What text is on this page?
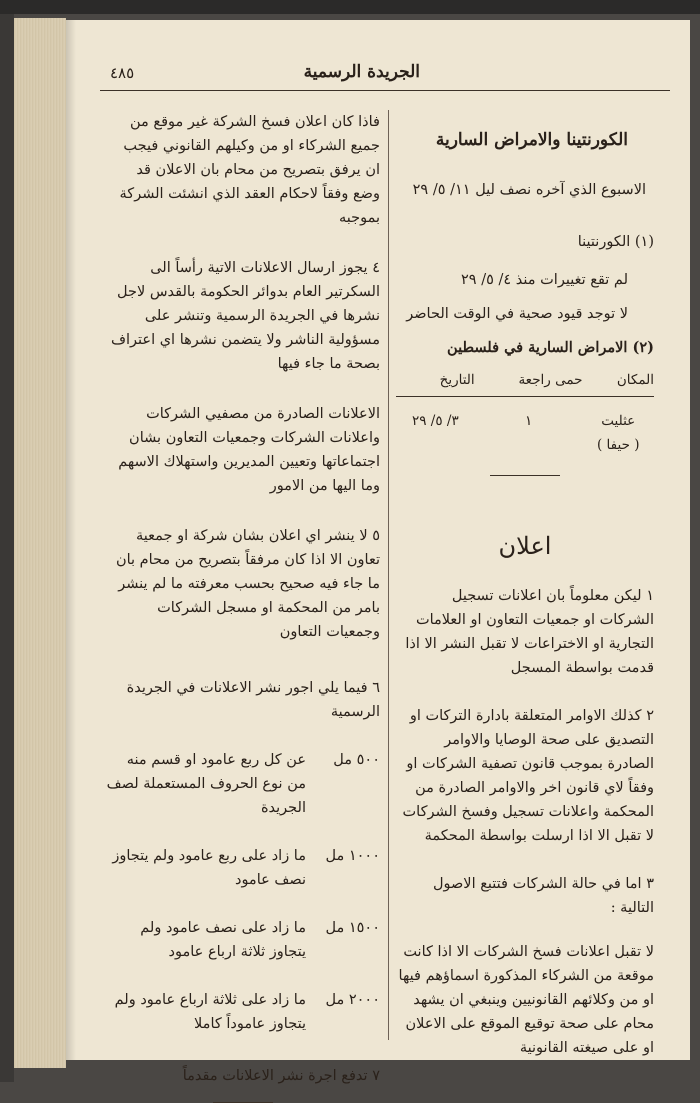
٤٨٥	الجريدة الرسمية

الكورنتينا والامراض السارية

الاسبوع الذي آخره نصف ليل ١١/ ٥/ ٢٩

(١) الكورنتينا

لم تقع تغييرات منذ ٤/ ٥/ ٢٩

لا توجد قيود صحية في الوقت الحاضر

(٢) الامراض السارية في فلسطين

المكان	حمى راجعة	التاريخ
عثليت
( حيفا )	١	٣/ ٥/ ٢٩

اعلان

١ ليكن معلوماً بان اعلانات تسجيل الشركات او جمعيات التعاون او العلامات التجارية او الاختراعات لا تقبل النشر الا اذا قدمت بواسطة المسجل

٢ كذلك الاوامر المتعلقة بادارة التركات او التصديق على صحة الوصايا والاوامر الصادرة بموجب قانون تصفية الشركات او وفقاً لاي قانون اخر والاوامر الصادرة من المحكمة واعلانات تسجيل وفسخ الشركات لا تقبل الا اذا ارسلت بواسطة المحكمة

٣ اما في حالة الشركات فتتبع الاصول التالية :

لا تقبل اعلانات فسخ الشركات الا اذا كانت موقعة من الشركاء المذكورة اسماؤهم فيها او من وكلائهم القانونيين وينبغي ان يشهد محام على صحة توقيع الموقع على الاعلان او على صيغته القانونية

فاذا كان اعلان فسخ الشركة غير موقع من جميع الشركاء او من وكيلهم القانوني فيجب ان يرفق بتصريح من محام بان الاعلان قد وضع وفقاً لاحكام العقد الذي انشئت الشركة بموجبه

٤ يجوز ارسال الاعلانات الاتية رأساً الى السكرتير العام بدوائر الحكومة بالقدس لاجل نشرها في الجريدة الرسمية وتنشر على مسؤولية الناشر ولا يتضمن نشرها اي اعتراف بصحة ما جاء فيها

الاعلانات الصادرة من مصفيي الشركات واعلانات الشركات وجمعيات التعاون بشان اجتماعاتها وتعيين المديرين واستهلاك الاسهم وما اليها من الامور

٥ لا ينشر اي اعلان بشان شركة او جمعية تعاون الا اذا كان مرفقاً بتصريح من محام بان ما جاء فيه صحيح بحسب معرفته ما لم ينشر بامر من المحكمة او مسجل الشركات وجمعيات التعاون

٦ فيما يلي اجور نشر الاعلانات في الجريدة الرسمية

٥٠٠ مل
عن كل ربع عامود او قسم منه من نوع الحروف المستعملة لصف الجريدة
١٠٠٠ مل
ما زاد على ربع عامود ولم يتجاوز نصف عامود
١٥٠٠ مل
ما زاد على نصف عامود ولم يتجاوز ثلاثة ارباع عامود
٢٠٠٠ مل
ما زاد على ثلاثة ارباع عامود ولم يتجاوز عاموداً كاملا

٧ تدفع اجرة نشر الاعلانات مقدماً
